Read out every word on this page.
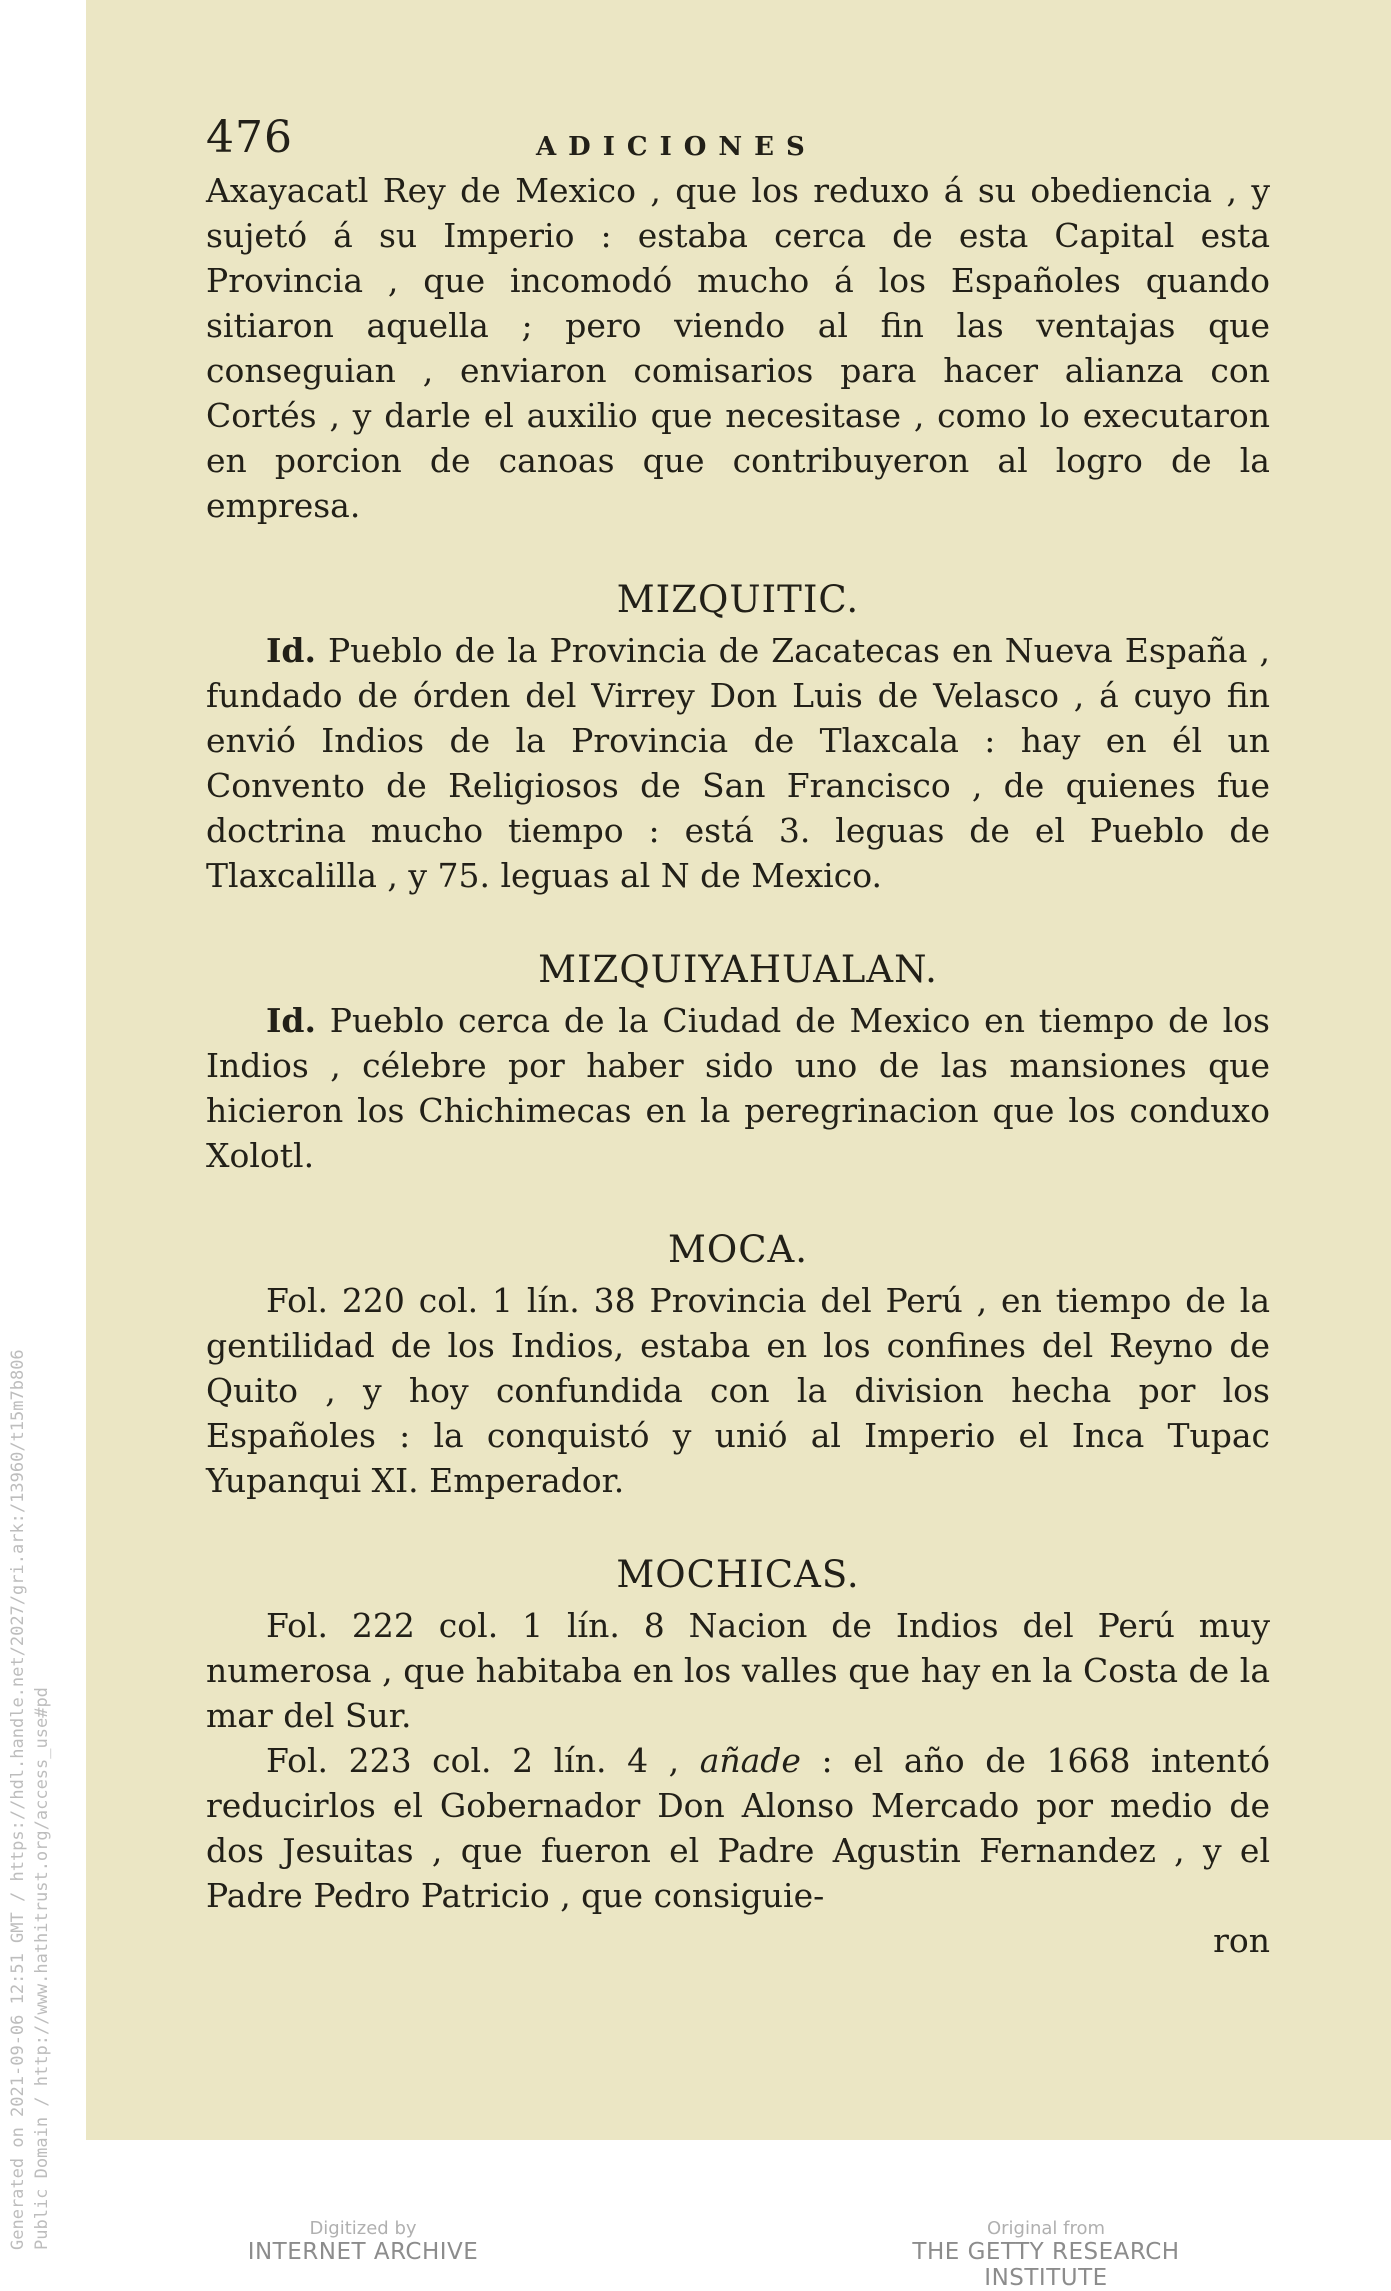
Generated on 2021-09-06 12:51 GMT / https://hdl.handle.net/2027/gri.ark:/13960/t15m7b806 Public Domain / http://www.hathitrust.org/access_use#pd
476	ADICIONES

Axayacatl Rey de Mexico , que los reduxo á su obediencia , y sujetó á su Imperio : estaba cerca de esta Capital esta Provincia , que incomodó mucho á los Españoles quando sitiaron aquella ; pero viendo al fin las ventajas que conseguian , enviaron comisarios para hacer alianza con Cortés , y darle el auxilio que necesitase , como lo executaron en porcion de canoas que contribuyeron al logro de la empresa.

MIZQUITIC.

Id. Pueblo de la Provincia de Zacatecas en Nueva España , fundado de órden del Virrey Don Luis de Velasco , á cuyo fin envió Indios de la Provincia de Tlaxcala : hay en él un Convento de Religiosos de San Francisco , de quienes fue doctrina mucho tiempo : está 3. leguas de el Pueblo de Tlaxcalilla , y 75. leguas al N de Mexico.

MIZQUIYAHUALAN.

Id. Pueblo cerca de la Ciudad de Mexico en tiempo de los Indios , célebre por haber sido uno de las mansiones que hicieron los Chichimecas en la peregrinacion que los conduxo Xolotl.

MOCA.

Fol. 220 col. 1 lín. 38 Provincia del Perú , en tiempo de la gentilidad de los Indios, estaba en los confines del Reyno de Quito , y hoy confundida con la division hecha por los Españoles : la conquistó y unió al Imperio el Inca Tupac Yupanqui XI. Emperador.

MOCHICAS.

Fol. 222 col. 1 lín. 8 Nacion de Indios del Perú muy numerosa , que habitaba en los valles que hay en la Costa de la mar del Sur.

Fol. 223 col. 2 lín. 4 , añade : el año de 1668 intentó reducirlos el Gobernador Don Alonso Mercado por medio de dos Jesuitas , que fueron el Padre Agustin Fernandez , y el Padre Pedro Patricio , que consiguie-

ron

Digitized by
INTERNET ARCHIVE
Original from
THE GETTY RESEARCH INSTITUTE
